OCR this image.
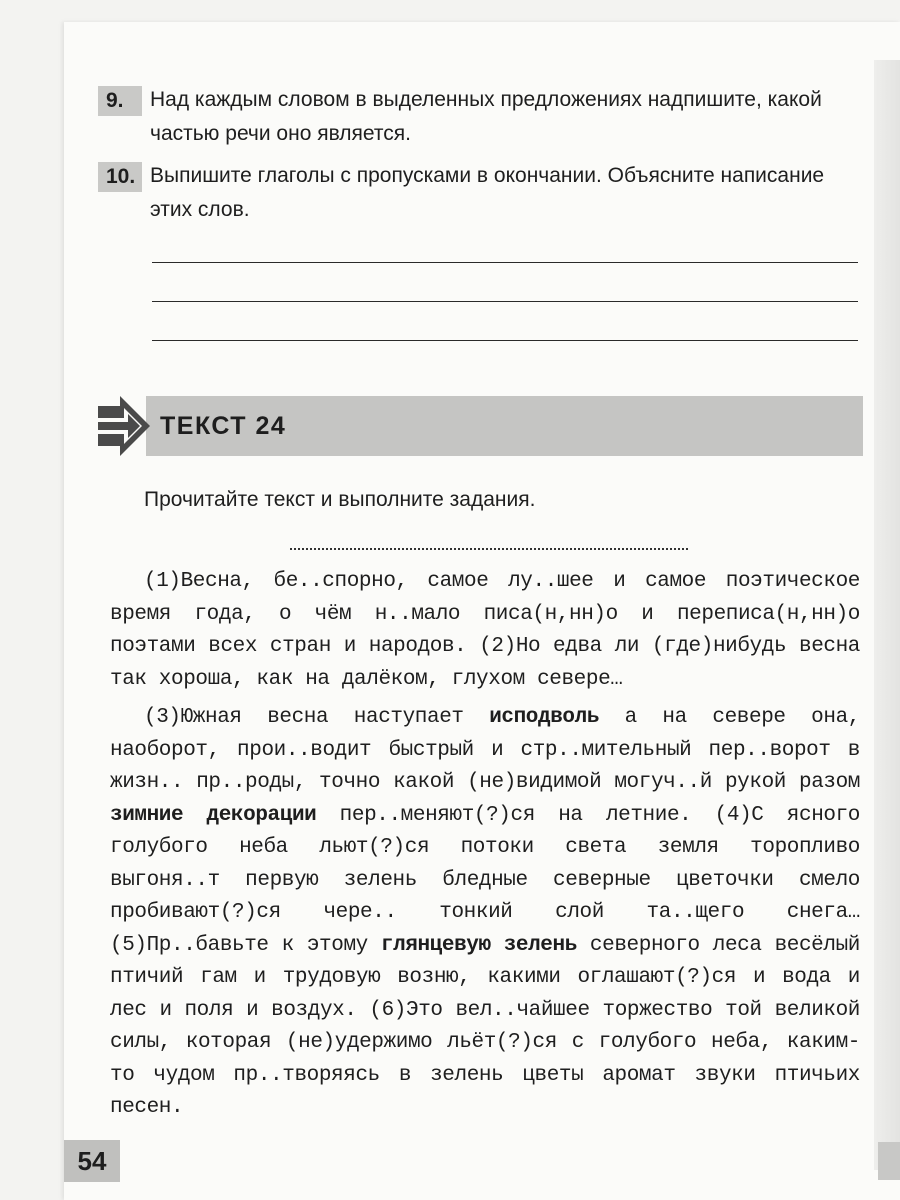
9.	Над каждым словом в выделенных предложениях надпишите, какой частью речи оно является.
10. Выпишите глаголы с пропусками в окончании. Объясните написание этих слов.
ТЕКСТ 24
Прочитайте текст и выполните задания.

(1)Весна, бе..спорно, самое лу..шее и самое поэтическое время года, о чём н..мало писа(н,нн)о и перепиca(н,нн)о поэтами всех стран и народов. (2)Но едва ли (где)нибудь весна так хороша, как на далёком, глухом севере…

(3)Южная весна наступает исподволь а на севере она, наоборот, прои..водит быстрый и стр..мительный пер..ворот в жизн.. пр..роды, точно какой (не)видимой могуч..й рукой разом зимние декорации пер..меняют(?)ся на летние. (4)С ясного голубого неба льют(?)ся потоки света земля торопливо выгоня..т первую зелень бледные северные цветочки смело пробивают(?)ся чере.. тонкий слой та..щего снега… (5)Пр..бавьте к этому глянцевую зелень северного леса весёлый птичий гам и трудовую возню, какими оглашают(?)ся и вода и лес и поля и воздух. (6)Это вел..чайшее торжество той великой силы, которая (не)удержимо льёт(?)ся с голубого неба, каким-то чудом пр..творяясь в зелень цветы аромат звуки птичьих песен.

54
